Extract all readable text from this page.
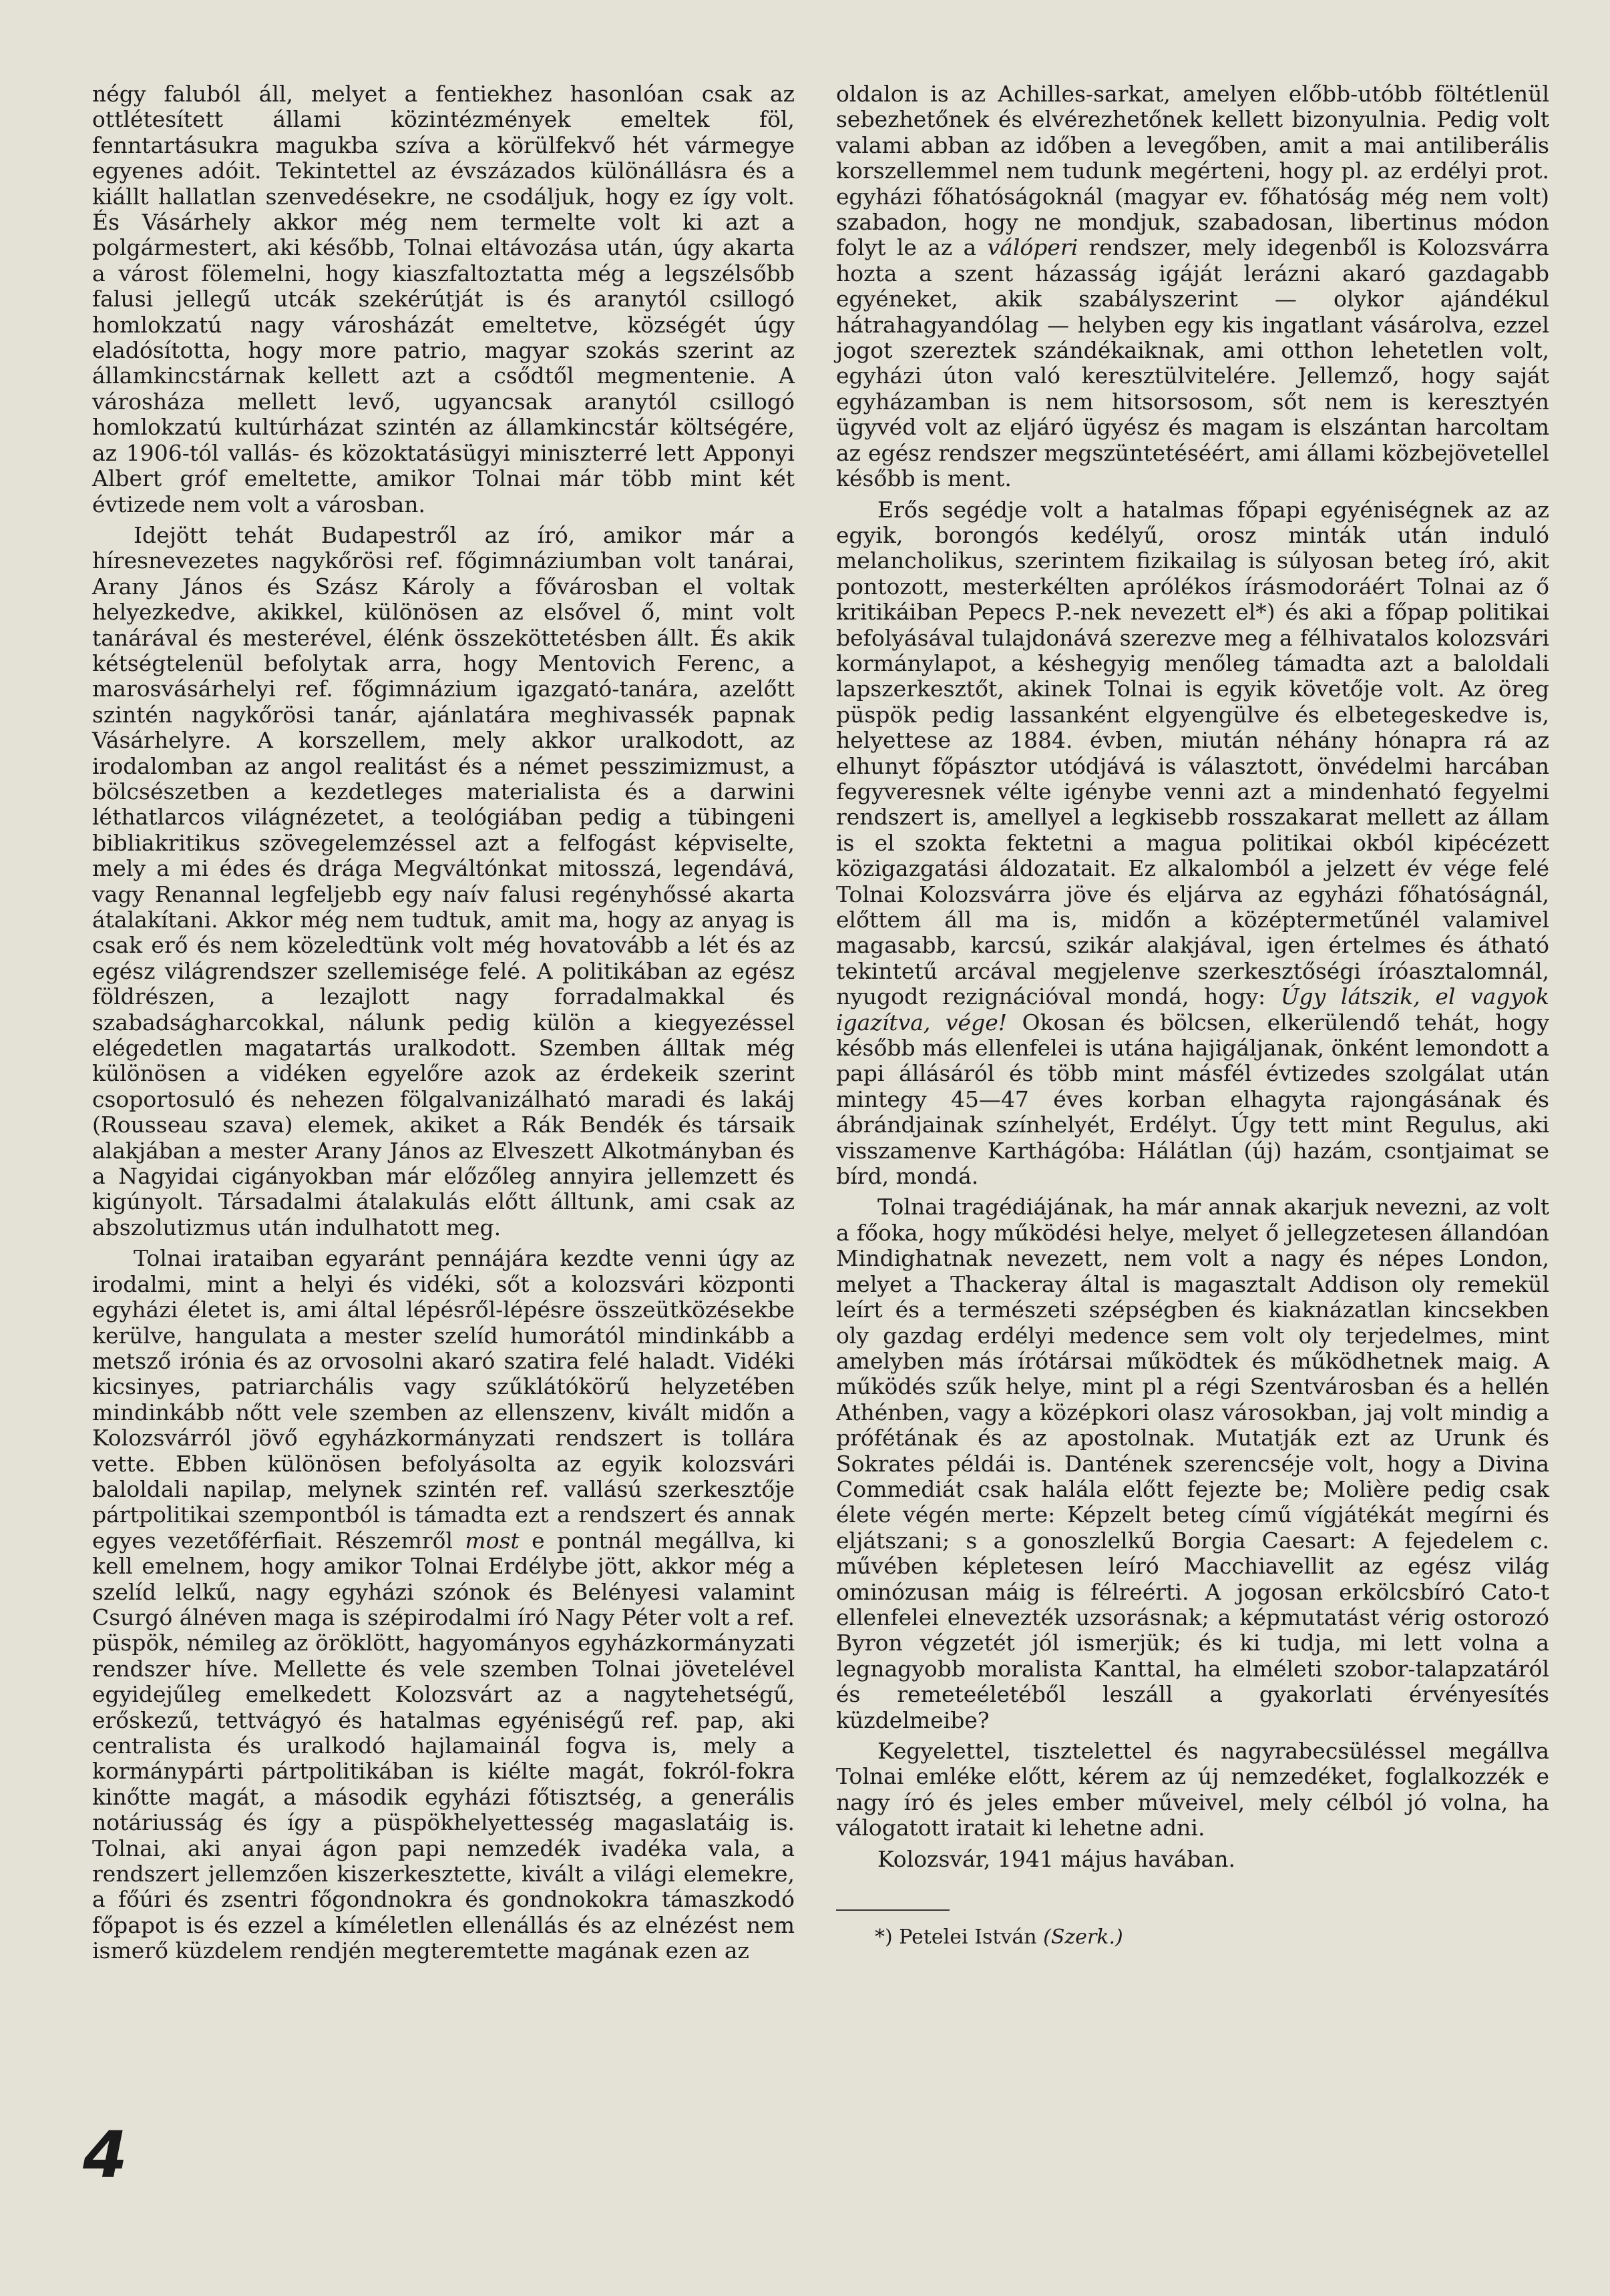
négy faluból áll, melyet a fentiekhez hasonlóan csak az ottlétesített állami közintézmények emeltek föl, fenntartásukra magukba szíva a körülfekvő hét vármegye egyenes adóit. Tekintettel az évszázados különállásra és a kiállt hallatlan szenvedésekre, ne csodáljuk, hogy ez így volt. És Vásárhely akkor még nem termelte volt ki azt a polgármestert, aki később, Tolnai eltávozása után, úgy akarta a várost fölemelni, hogy kiaszfaltoztatta még a legszélsőbb falusi jellegű utcák szekérútját is és aranytól csillogó homlokzatú nagy városházát emeltetve, községét úgy eladósította, hogy more patrio, magyar szokás szerint az államkincstárnak kellett azt a csődtől megmentenie. A városháza mellett levő, ugyancsak aranytól csillogó homlokzatú kultúrházat szintén az államkincstár költségére, az 1906-tól vallás- és közoktatásügyi miniszterré lett Apponyi Albert gróf emeltette, amikor Tolnai már több mint két évtizede nem volt a városban.

Idejött tehát Budapestről az író, amikor már a híresnevezetes nagykőrösi ref. főgimnáziumban volt tanárai, Arany János és Szász Károly a fővárosban el voltak helyezkedve, akikkel, különösen az elsővel ő, mint volt tanárával és mesterével, élénk összeköttetésben állt. És akik kétségtelenül befolytak arra, hogy Mentovich Ferenc, a marosvásárhelyi ref. főgimnázium igazgató-tanára, azelőtt szintén nagykőrösi tanár, ajánlatára meghivassék papnak Vásárhelyre. A korszellem, mely akkor uralkodott, az irodalomban az angol realitást és a német pesszimizmust, a bölcsészetben a kezdetleges materialista és a darwini léthatlarcos világnézetet, a teológiában pedig a tübingeni bibliakritikus szövegelemzéssel azt a felfogást képviselte, mely a mi édes és drága Megváltónkat mitosszá, legendává, vagy Renannal legfeljebb egy naív falusi regényhőssé akarta átalakítani. Akkor még nem tudtuk, amit ma, hogy az anyag is csak erő és nem közeledtünk volt még hovatovább a lét és az egész világrendszer szellemisége felé. A politikában az egész földrészen, a lezajlott nagy forradalmakkal és szabadságharcokkal, nálunk pedig külön a kiegyezéssel elégedetlen magatartás uralkodott. Szemben álltak még különösen a vidéken egyelőre azok az érdekeik szerint csoportosuló és nehezen fölgalvanizálható maradi és lakáj (Rousseau szava) elemek, akiket a Rák Bendék és társaik alakjában a mester Arany János az Elveszett Alkotmányban és a Nagyidai cigányokban már előzőleg annyira jellemzett és kigúnyolt. Társadalmi átalakulás előtt álltunk, ami csak az abszolutizmus után indulhatott meg.

Tolnai irataiban egyaránt pennájára kezdte venni úgy az irodalmi, mint a helyi és vidéki, sőt a kolozsvári központi egyházi életet is, ami által lépésről-lépésre összeütközésekbe kerülve, hangulata a mester szelíd humorától mindinkább a metsző irónia és az orvosolni akaró szatira felé haladt. Vidéki kicsinyes, patriarchális vagy szűklátókörű helyzetében mindinkább nőtt vele szemben az ellenszenv, kivált midőn a Kolozsvárról jövő egyházkormányzati rendszert is tollára vette. Ebben különösen befolyásolta az egyik kolozsvári baloldali napilap, melynek szintén ref. vallású szerkesztője pártpolitikai szempontból is támadta ezt a rendszert és annak egyes vezetőférfiait. Részemről most e pontnál megállva, ki kell emelnem, hogy amikor Tolnai Erdélybe jött, akkor még a szelíd lelkű, nagy egyházi szónok és Belényesi valamint Csurgó álnéven maga is szépirodalmi író Nagy Péter volt a ref. püspök, némileg az öröklött, hagyományos egyházkormányzati rendszer híve. Mellette és vele szemben Tolnai jövetelével egyidejűleg emelkedett Kolozsvárt az a nagytehetségű, erőskezű, tettvágyó és hatalmas egyéniségű ref. pap, aki centralista és uralkodó hajlamainál fogva is, mely a kormánypárti pártpolitikában is kiélte magát, fokról-fokra kinőtte magát, a második egyházi főtisztség, a generális notáriusság és így a püspökhelyettesség magaslatáig is. Tolnai, aki anyai ágon papi nemzedék ivadéka vala, a rendszert jellemzően kiszerkesztette, kivált a világi elemekre, a főúri és zsentri főgondnokra és gondnokokra támaszkodó főpapot is és ezzel a kíméletlen ellenállás és az elnézést nem ismerő küzdelem rendjén megteremtette magának ezen az

oldalon is az Achilles-sarkat, amelyen előbb-utóbb föltétlenül sebezhetőnek és elvérezhetőnek kellett bizonyulnia. Pedig volt valami abban az időben a levegőben, amit a mai antiliberális korszellemmel nem tudunk megérteni, hogy pl. az erdélyi prot. egyházi főhatóságoknál (magyar ev. főhatóság még nem volt) szabadon, hogy ne mondjuk, szabadosan, libertinus módon folyt le az a válóperi rendszer, mely idegenből is Kolozsvárra hozta a szent házasság igáját lerázni akaró gazdagabb egyéneket, akik szabályszerint — olykor ajándékul hátrahagyandólag — helyben egy kis ingatlant vásárolva, ezzel jogot szereztek szándékaiknak, ami otthon lehetetlen volt, egyházi úton való keresztülvitelére. Jellemző, hogy saját egyházamban is nem hitsorsosom, sőt nem is keresztyén ügyvéd volt az eljáró ügyész és magam is elszántan harcoltam az egész rendszer megszüntetéséért, ami állami közbejövetellel később is ment.

Erős segédje volt a hatalmas főpapi egyéniségnek az az egyik, borongós kedélyű, orosz minták után induló melancholikus, szerintem fizikailag is súlyosan beteg író, akit pontozott, mesterkélten aprólékos írásmodoráért Tolnai az ő kritikáiban Pepecs P.-nek nevezett el*) és aki a főpap politikai befolyásával tulajdonává szerezve meg a félhivatalos kolozsvári kormánylapot, a késhegyig menőleg támadta azt a baloldali lapszerkesztőt, akinek Tolnai is egyik követője volt. Az öreg püspök pedig lassanként elgyengülve és elbetegeskedve is, helyettese az 1884. évben, miután néhány hónapra rá az elhunyt főpásztor utódjává is választott, önvédelmi harcában fegyveresnek vélte igénybe venni azt a mindenható fegyelmi rendszert is, amellyel a legkisebb rosszakarat mellett az állam is el szokta fektetni a magua politikai okból kipécézett közigazgatási áldozatait. Ez alkalomból a jelzett év vége felé Tolnai Kolozsvárra jöve és eljárva az egyházi főhatóságnál, előttem áll ma is, midőn a középtermetűnél valamivel magasabb, karcsú, szikár alakjával, igen értelmes és átható tekintetű arcával megjelenve szerkesztőségi íróasztalomnál, nyugodt rezignációval mondá, hogy: Úgy látszik, el vagyok igazítva, vége! Okosan és bölcsen, elkerülendő tehát, hogy később más ellenfelei is utána hajigáljanak, önként lemondott a papi állásáról és több mint másfél évtizedes szolgálat után mintegy 45—47 éves korban elhagyta rajongásának és ábrándjainak színhelyét, Erdélyt. Úgy tett mint Regulus, aki visszamenve Karthágóba: Hálátlan (új) hazám, csontjaimat se bírd, mondá.

Tolnai tragédiájának, ha már annak akarjuk nevezni, az volt a főoka, hogy működési helye, melyet ő jellegzetesen állandóan Mindighatnak nevezett, nem volt a nagy és népes London, melyet a Thackeray által is magasztalt Addison oly remekül leírt és a természeti szépségben és kiaknázatlan kincsekben oly gazdag erdélyi medence sem volt oly terjedelmes, mint amelyben más írótársai működtek és működhetnek maig. A működés szűk helye, mint pl a régi Szentvárosban és a hellén Athénben, vagy a középkori olasz városokban, jaj volt mindig a prófétának és az apostolnak. Mutatják ezt az Urunk és Sokrates példái is. Dantének szerencséje volt, hogy a Divina Commediát csak halála előtt fejezte be; Molière pedig csak élete végén merte: Képzelt beteg című vígjátékát megírni és eljátszani; s a gonoszlelkű Borgia Caesart: A fejedelem c. művében képletesen leíró Macchiavellit az egész világ ominózusan máig is félreérti. A jogosan erkölcsbíró Cato-t ellenfelei elnevezték uzsorásnak; a képmutatást vérig ostorozó Byron végzetét jól ismerjük; és ki tudja, mi lett volna a legnagyobb moralista Kanttal, ha elméleti szobor-talapzatáról és remeteéletéből leszáll a gyakorlati érvényesítés küzdelmeibe?

Kegyelettel, tisztelettel és nagyrabecsüléssel megállva Tolnai emléke előtt, kérem az új nemzedéket, foglalkozzék e nagy író és jeles ember műveivel, mely célból jó volna, ha válogatott iratait ki lehetne adni.

Kolozsvár, 1941 május havában.

*) Petelei István (Szerk.)
4
